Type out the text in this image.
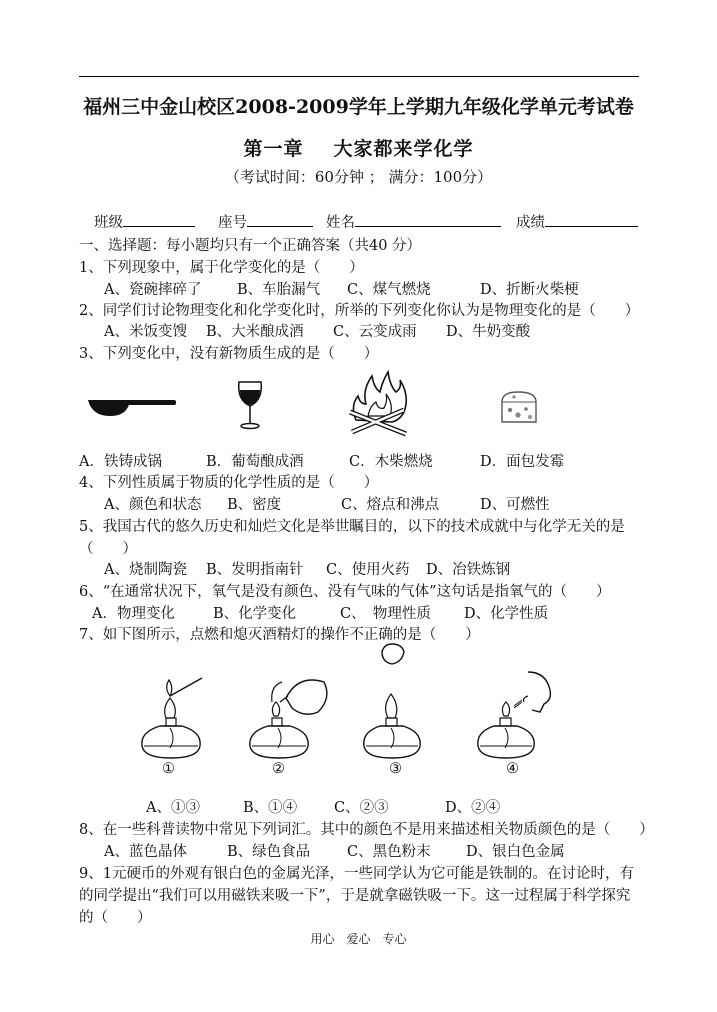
福州三中金山校区2008-2009学年上学期九年级化学单元考试卷
第一章 大家都来学化学
（考试时间：60分钟 ； 满分：100分）
班级	座号	姓名	成绩
一、选择题：每小题均只有一个正确答案（共40 分）
1、下列现象中，属于化学变化的是（　　）
A、瓷碗摔碎了 B、车胎漏气 C、煤气燃烧	D、折断火柴梗
2、同学们讨论物理变化和化学变化时，所举的下列变化你认为是物理变化的是（　　）
A、米饭变馊 B、大米酿成酒 C、云变成雨 D、牛奶变酸
3、下列变化中，没有新物质生成的是（　　）
A．铁铸成锅	B．葡萄酿成酒	C．木柴燃烧	D．面包发霉
4、下列性质属于物质的化学性质的是（　　）
A、颜色和状态 B、密度	C、熔点和沸点	D、可燃性
5、我国古代的悠久历史和灿烂文化是举世瞩目的，以下的技术成就中与化学无关的是
（　　）
A、烧制陶瓷 B、发明指南针 C、使用火药 D、冶铁炼钢
6、“在通常状况下，氧气是没有颜色、没有气味的气体”这句话是指氧气的（　　）
A．物理变化	B、化学变化	C、　物理性质 D、化学性质
7、如下图所示，点燃和熄灭酒精灯的操作不正确的是（　　）
①	②	③	④
A、①③	B、①④	C、②③	D、②④
8、在一些科普读物中常见下列词汇。其中的颜色不是用来描述相关物质颜色的是（　　）
A、蓝色晶体	B、绿色食品	C、黑色粉末 D、银白色金属
9、1元硬币的外观有银白色的金属光泽，一些同学认为它可能是铁制的。在讨论时，有
的同学提出“我们可以用磁铁来吸一下”，于是就拿磁铁吸一下。这一过程属于科学探究
的（　　）
用心　爱心　专心
